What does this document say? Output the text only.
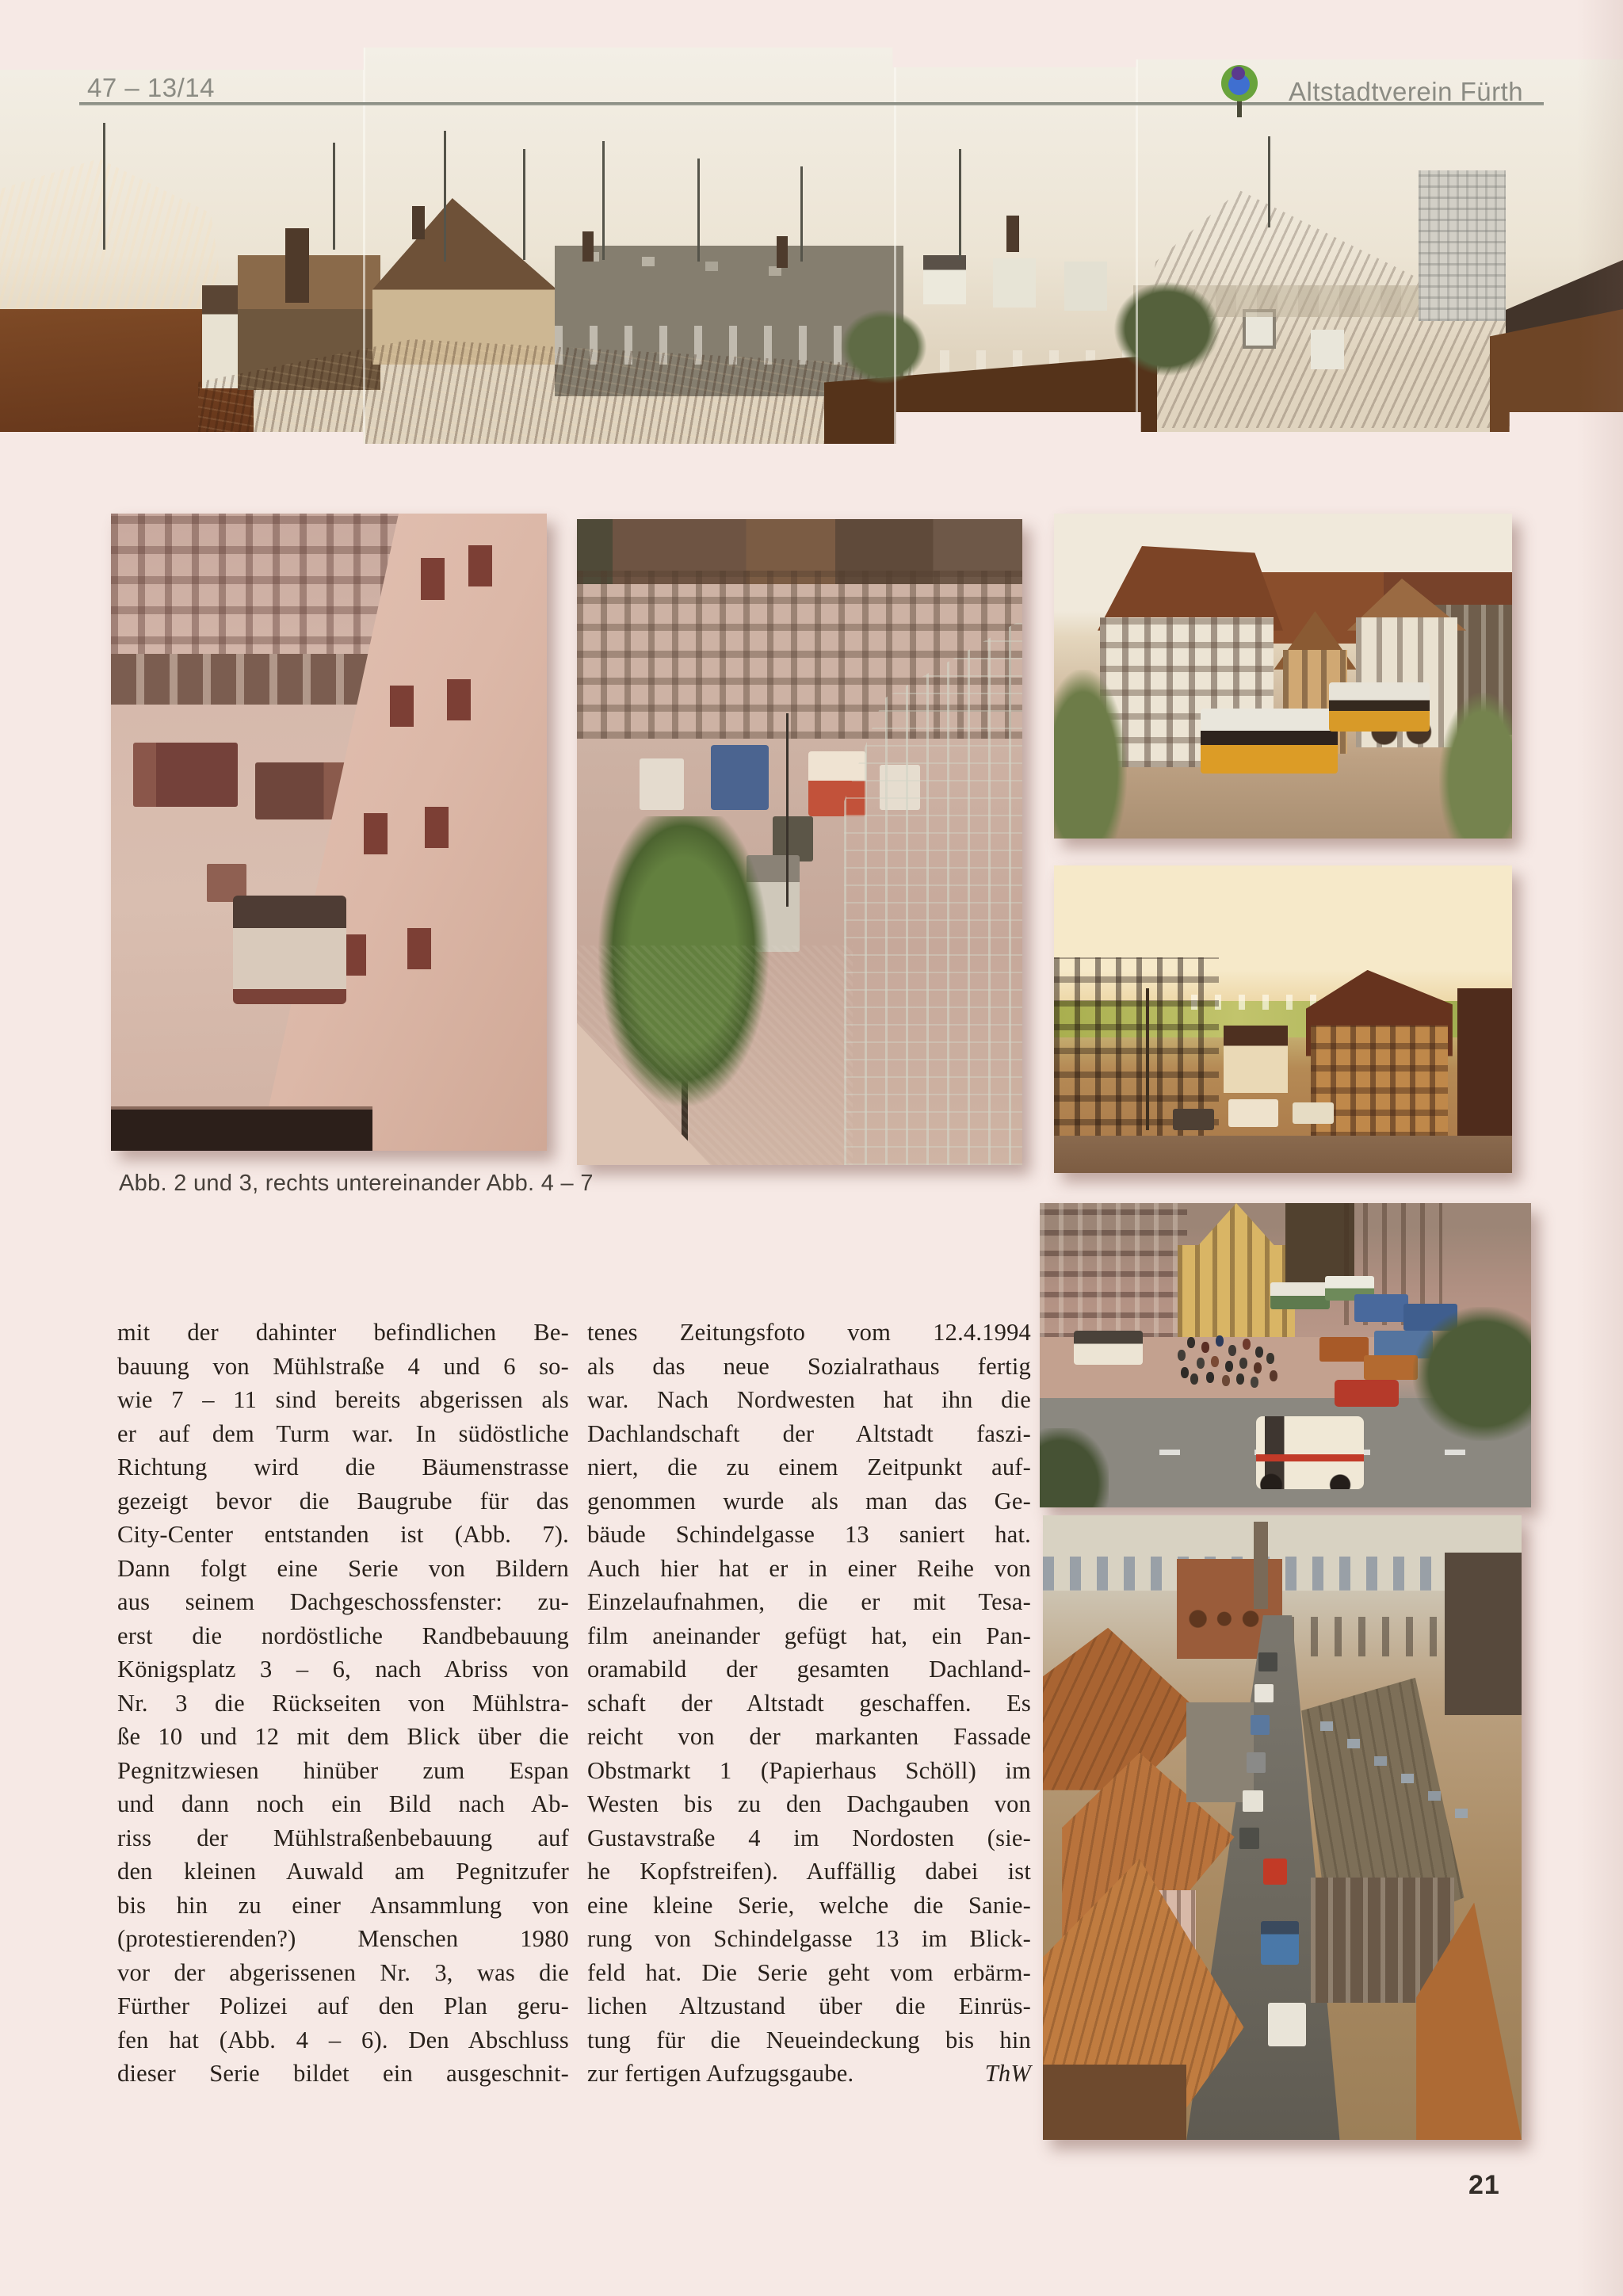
47 – 13/14	Altstadtverein Fürth
Abb. 2 und 3, rechts untereinander Abb. 4 – 7
mit der dahinter befindlichen Be-
bauung von Mühlstraße 4 und 6 so-
wie 7 – 11 sind bereits abgerissen als
er auf dem Turm war. In südöstliche
Richtung wird die Bäumenstrasse
gezeigt bevor die Baugrube für das
City-Center entstanden ist (Abb. 7).
Dann folgt eine Serie von Bildern
aus seinem Dachgeschossfenster: zu-
erst die nordöstliche Randbebauung
Königsplatz 3 – 6, nach Abriss von
Nr. 3 die Rückseiten von Mühlstra-
ße 10 und 12 mit dem Blick über die
Pegnitzwiesen hinüber zum Espan
und dann noch ein Bild nach Ab-
riss der Mühlstraßenbebauung auf
den kleinen Auwald am Pegnitzufer
bis hin zu einer Ansammlung von
(protestierenden?) Menschen 1980
vor der abgerissenen Nr. 3, was die
Fürther Polizei auf den Plan geru-
fen hat (Abb. 4 – 6). Den Abschluss
dieser Serie bildet ein ausgeschnit-
tenes Zeitungsfoto vom 12.4.1994
als das neue Sozialrathaus fertig
war. Nach Nordwesten hat ihn die
Dachlandschaft der Altstadt faszi-
niert, die zu einem Zeitpunkt auf-
genommen wurde als man das Ge-
bäude Schindelgasse 13 saniert hat.
Auch hier hat er in einer Reihe von
Einzelaufnahmen, die er mit Tesa-
film aneinander gefügt hat, ein Pan-
oramabild der gesamten Dachland-
schaft der Altstadt geschaffen. Es
reicht von der markanten Fassade
Obstmarkt 1 (Papierhaus Schöll) im
Westen bis zu den Dachgauben von
Gustavstraße 4 im Nordosten (sie-
he Kopfstreifen). Auffällig dabei ist
eine kleine Serie, welche die Sanie-
rung von Schindelgasse 13 im Blick-
feld hat. Die Serie geht vom erbärm-
lichen Altzustand über die Einrüs-
tung für die Neueindeckung bis hin
zur fertigen Aufzugsgaube.	ThW
21
